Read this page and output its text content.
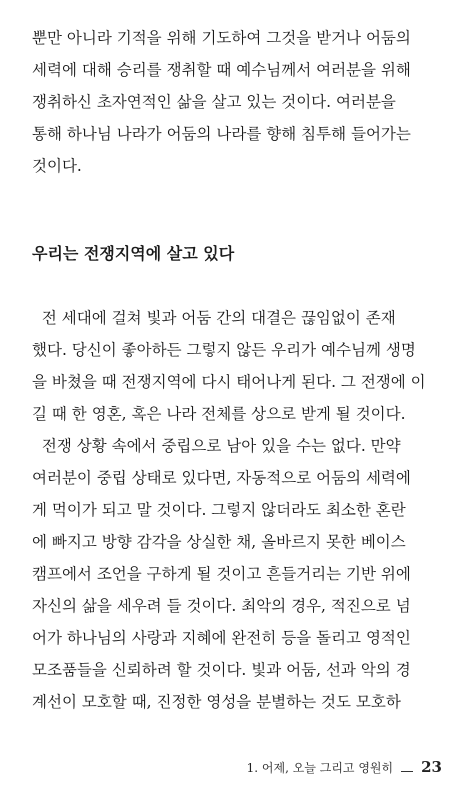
뿐만 아니라 기적을 위해 기도하여 그것을 받거나 어둠의
세력에 대해 승리를 쟁취할 때 예수님께서 여러분을 위해
쟁취하신 초자연적인 삶을 살고 있는 것이다. 여러분을
통해 하나님 나라가 어둠의 나라를 향해 침투해 들어가는
것이다.

우리는 전쟁지역에 살고 있다

전 세대에 걸쳐 빛과 어둠 간의 대결은 끊임없이 존재
했다. 당신이 좋아하든 그렇지 않든 우리가 예수님께 생명
을 바쳤을 때 전쟁지역에 다시 태어나게 된다. 그 전쟁에 이
길 때 한 영혼, 혹은 나라 전체를 상으로 받게 될 것이다.

전쟁 상황 속에서 중립으로 남아 있을 수는 없다. 만약
여러분이 중립 상태로 있다면, 자동적으로 어둠의 세력에
게 먹이가 되고 말 것이다. 그렇지 않더라도 최소한 혼란
에 빠지고 방향 감각을 상실한 채, 올바르지 못한 베이스
캠프에서 조언을 구하게 될 것이고 흔들거리는 기반 위에
자신의 삶을 세우려 들 것이다. 최악의 경우, 적진으로 넘
어가 하나님의 사랑과 지혜에 완전히 등을 돌리고 영적인
모조품들을 신뢰하려 할 것이다. 빛과 어둠, 선과 악의 경
계선이 모호할 때, 진정한 영성을 분별하는 것도 모호하

1. 어제, 오늘 그리고 영원히 23
